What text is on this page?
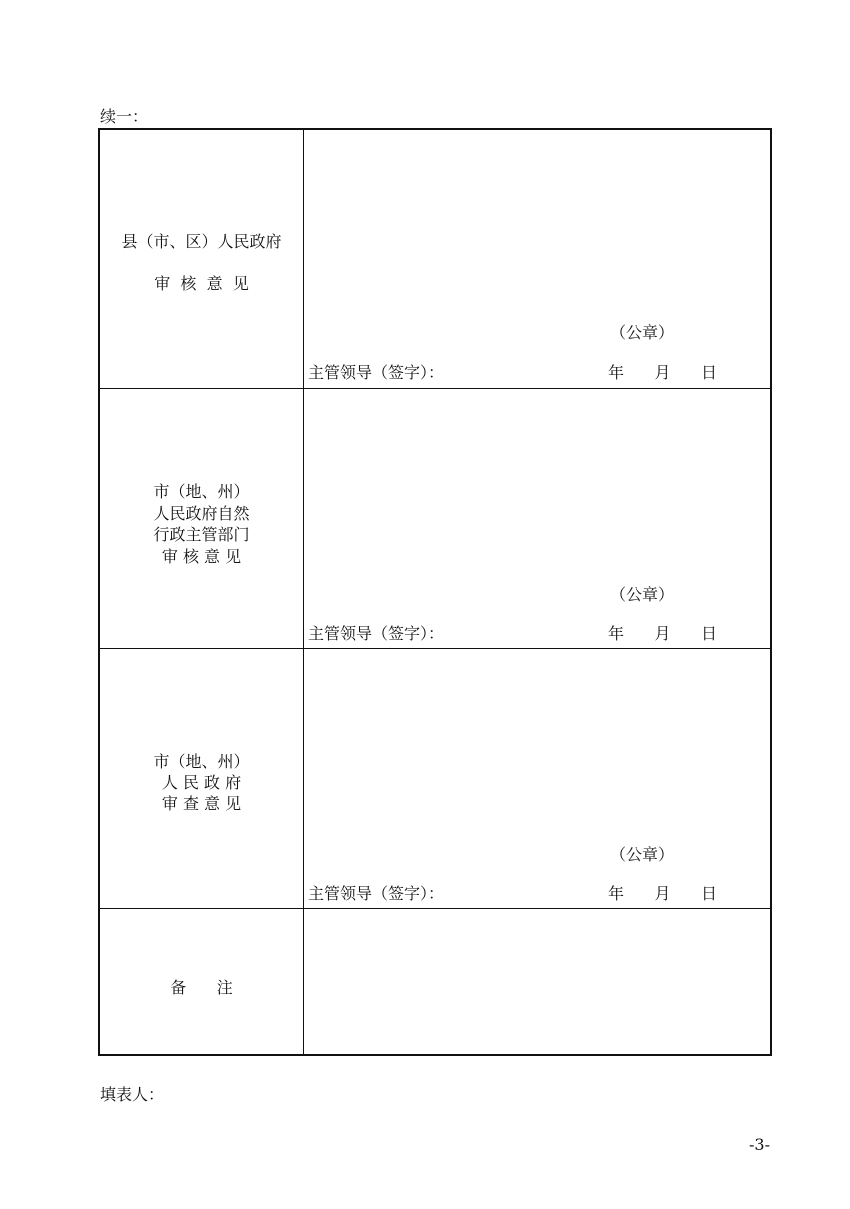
续一：
县（市、区）人民政府
审  核  意  见
（公章）
主管领导（签字）：	年      月      日
市（地、州）
人民政府自然
行政主管部门
审 核 意 见
（公章）
主管领导（签字）：	年      月      日
市（地、州）
人 民 政 府
审 查 意 见
（公章）
主管领导（签字）：	年      月      日
备      注
填表人：
-3-
